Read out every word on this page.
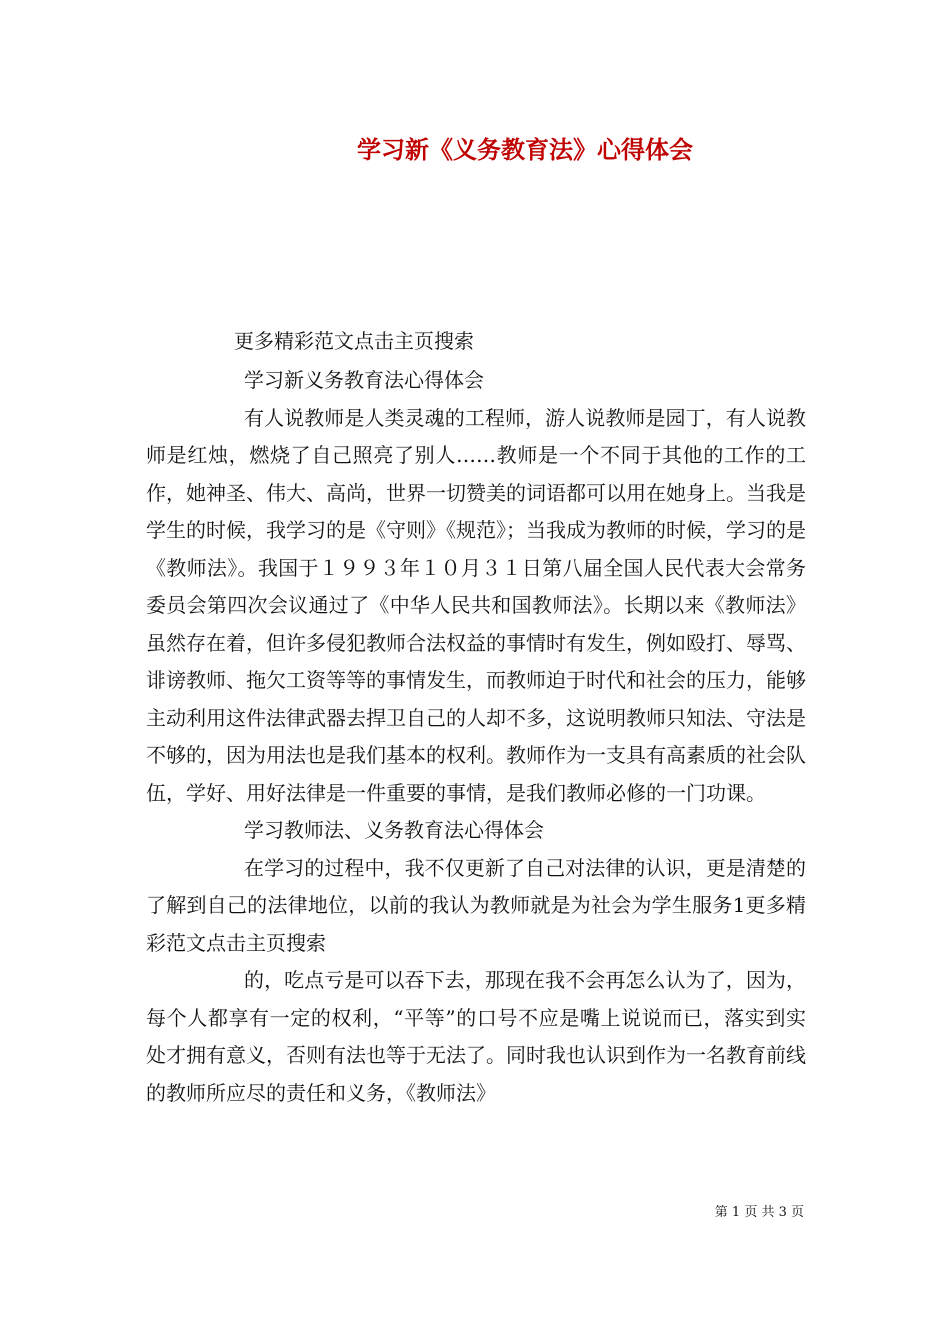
学习新《义务教育法》心得体会
更多精彩范文点击主页搜索

学习新义务教育法心得体会

有人说教师是人类灵魂的工程师，游人说教师是园丁，有人说教师是红烛，燃烧了自己照亮了别人……教师是一个不同于其他的工作的工作，她神圣、伟大、高尚，世界一切赞美的词语都可以用在她身上。当我是学生的时候，我学习的是《守则》《规范》；当我成为教师的时候，学习的是《教师法》。我国于１９９３年１０月３１日第八届全国人民代表大会常务委员会第四次会议通过了《中华人民共和国教师法》。长期以来《教师法》虽然存在着，但许多侵犯教师合法权益的事情时有发生，例如殴打、辱骂、诽谤教师、拖欠工资等等的事情发生，而教师迫于时代和社会的压力，能够主动利用这件法律武器去捍卫自己的人却不多，这说明教师只知法、守法是不够的，因为用法也是我们基本的权利。教师作为一支具有高素质的社会队伍，学好、用好法律是一件重要的事情，是我们教师必修的一门功课。

学习教师法、义务教育法心得体会

在学习的过程中，我不仅更新了自己对法律的认识，更是清楚的了解到自己的法律地位，以前的我认为教师就是为社会为学生服务1更多精彩范文点击主页搜索

的，吃点亏是可以吞下去，那现在我不会再怎么认为了，因为，每个人都享有一定的权利，“平等”的口号不应是嘴上说说而已，落实到实处才拥有意义，否则有法也等于无法了。同时我也认识到作为一名教育前线的教师所应尽的责任和义务，《教师法》

第 1 页 共 3 页
